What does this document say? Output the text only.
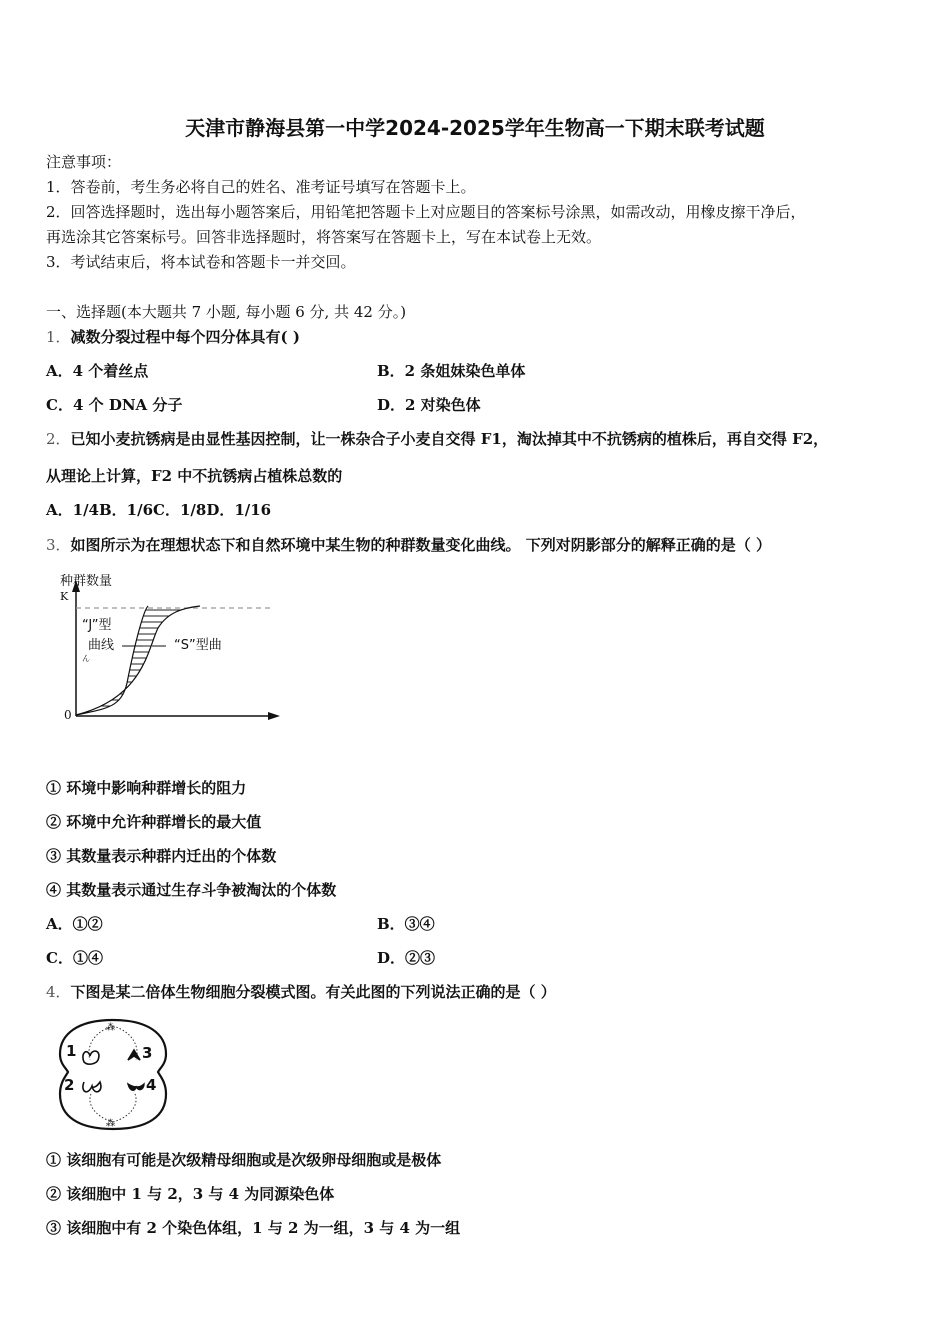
天津市静海县第一中学2024-2025学年生物高一下期末联考试题
注意事项：
1．答卷前，考生务必将自己的姓名、准考证号填写在答题卡上。
2．回答选择题时，选出每小题答案后，用铅笔把答题卡上对应题目的答案标号涂黑，如需改动，用橡皮擦干净后，
再选涂其它答案标号。回答非选择题时，将答案写在答题卡上，写在本试卷上无效。
3．考试结束后，将本试卷和答题卡一并交回。
一、选择题(本大题共 7 小题, 每小题 6 分, 共 42 分。)
1．减数分裂过程中每个四分体具有( )
A．4 个着丝点	B．2 条姐妹染色单体
C．4 个 DNA 分子	D．2 对染色体
2．已知小麦抗锈病是由显性基因控制，让一株杂合子小麦自交得 F1，淘汰掉其中不抗锈病的植株后，再自交得 F2，
从理论上计算，F2 中不抗锈病占植株总数的
A．1/4B．1/6C．1/8D．1/16
3．如图所示为在理想状态下和自然环境中某生物的种群数量变化曲线。 下列对阴影部分的解释正确的是（ ）
种群数量
K
0
“J”型
曲线	“S”型曲
ん
① 环境中影响种群增长的阻力
② 环境中允许种群增长的最大值
③ 其数量表示种群内迁出的个体数
④ 其数量表示通过生存斗争被淘汰的个体数
A．①②	B．③④
C．①④	D．②③
4．下图是某二倍体生物细胞分裂模式图。有关此图的下列说法正确的是（ ）
⁂
⁂
1
2
3
4
① 该细胞有可能是次级精母细胞或是次级卵母细胞或是极体
② 该细胞中 1 与 2，3 与 4 为同源染色体
③ 该细胞中有 2 个染色体组，1 与 2 为一组，3 与 4 为一组
